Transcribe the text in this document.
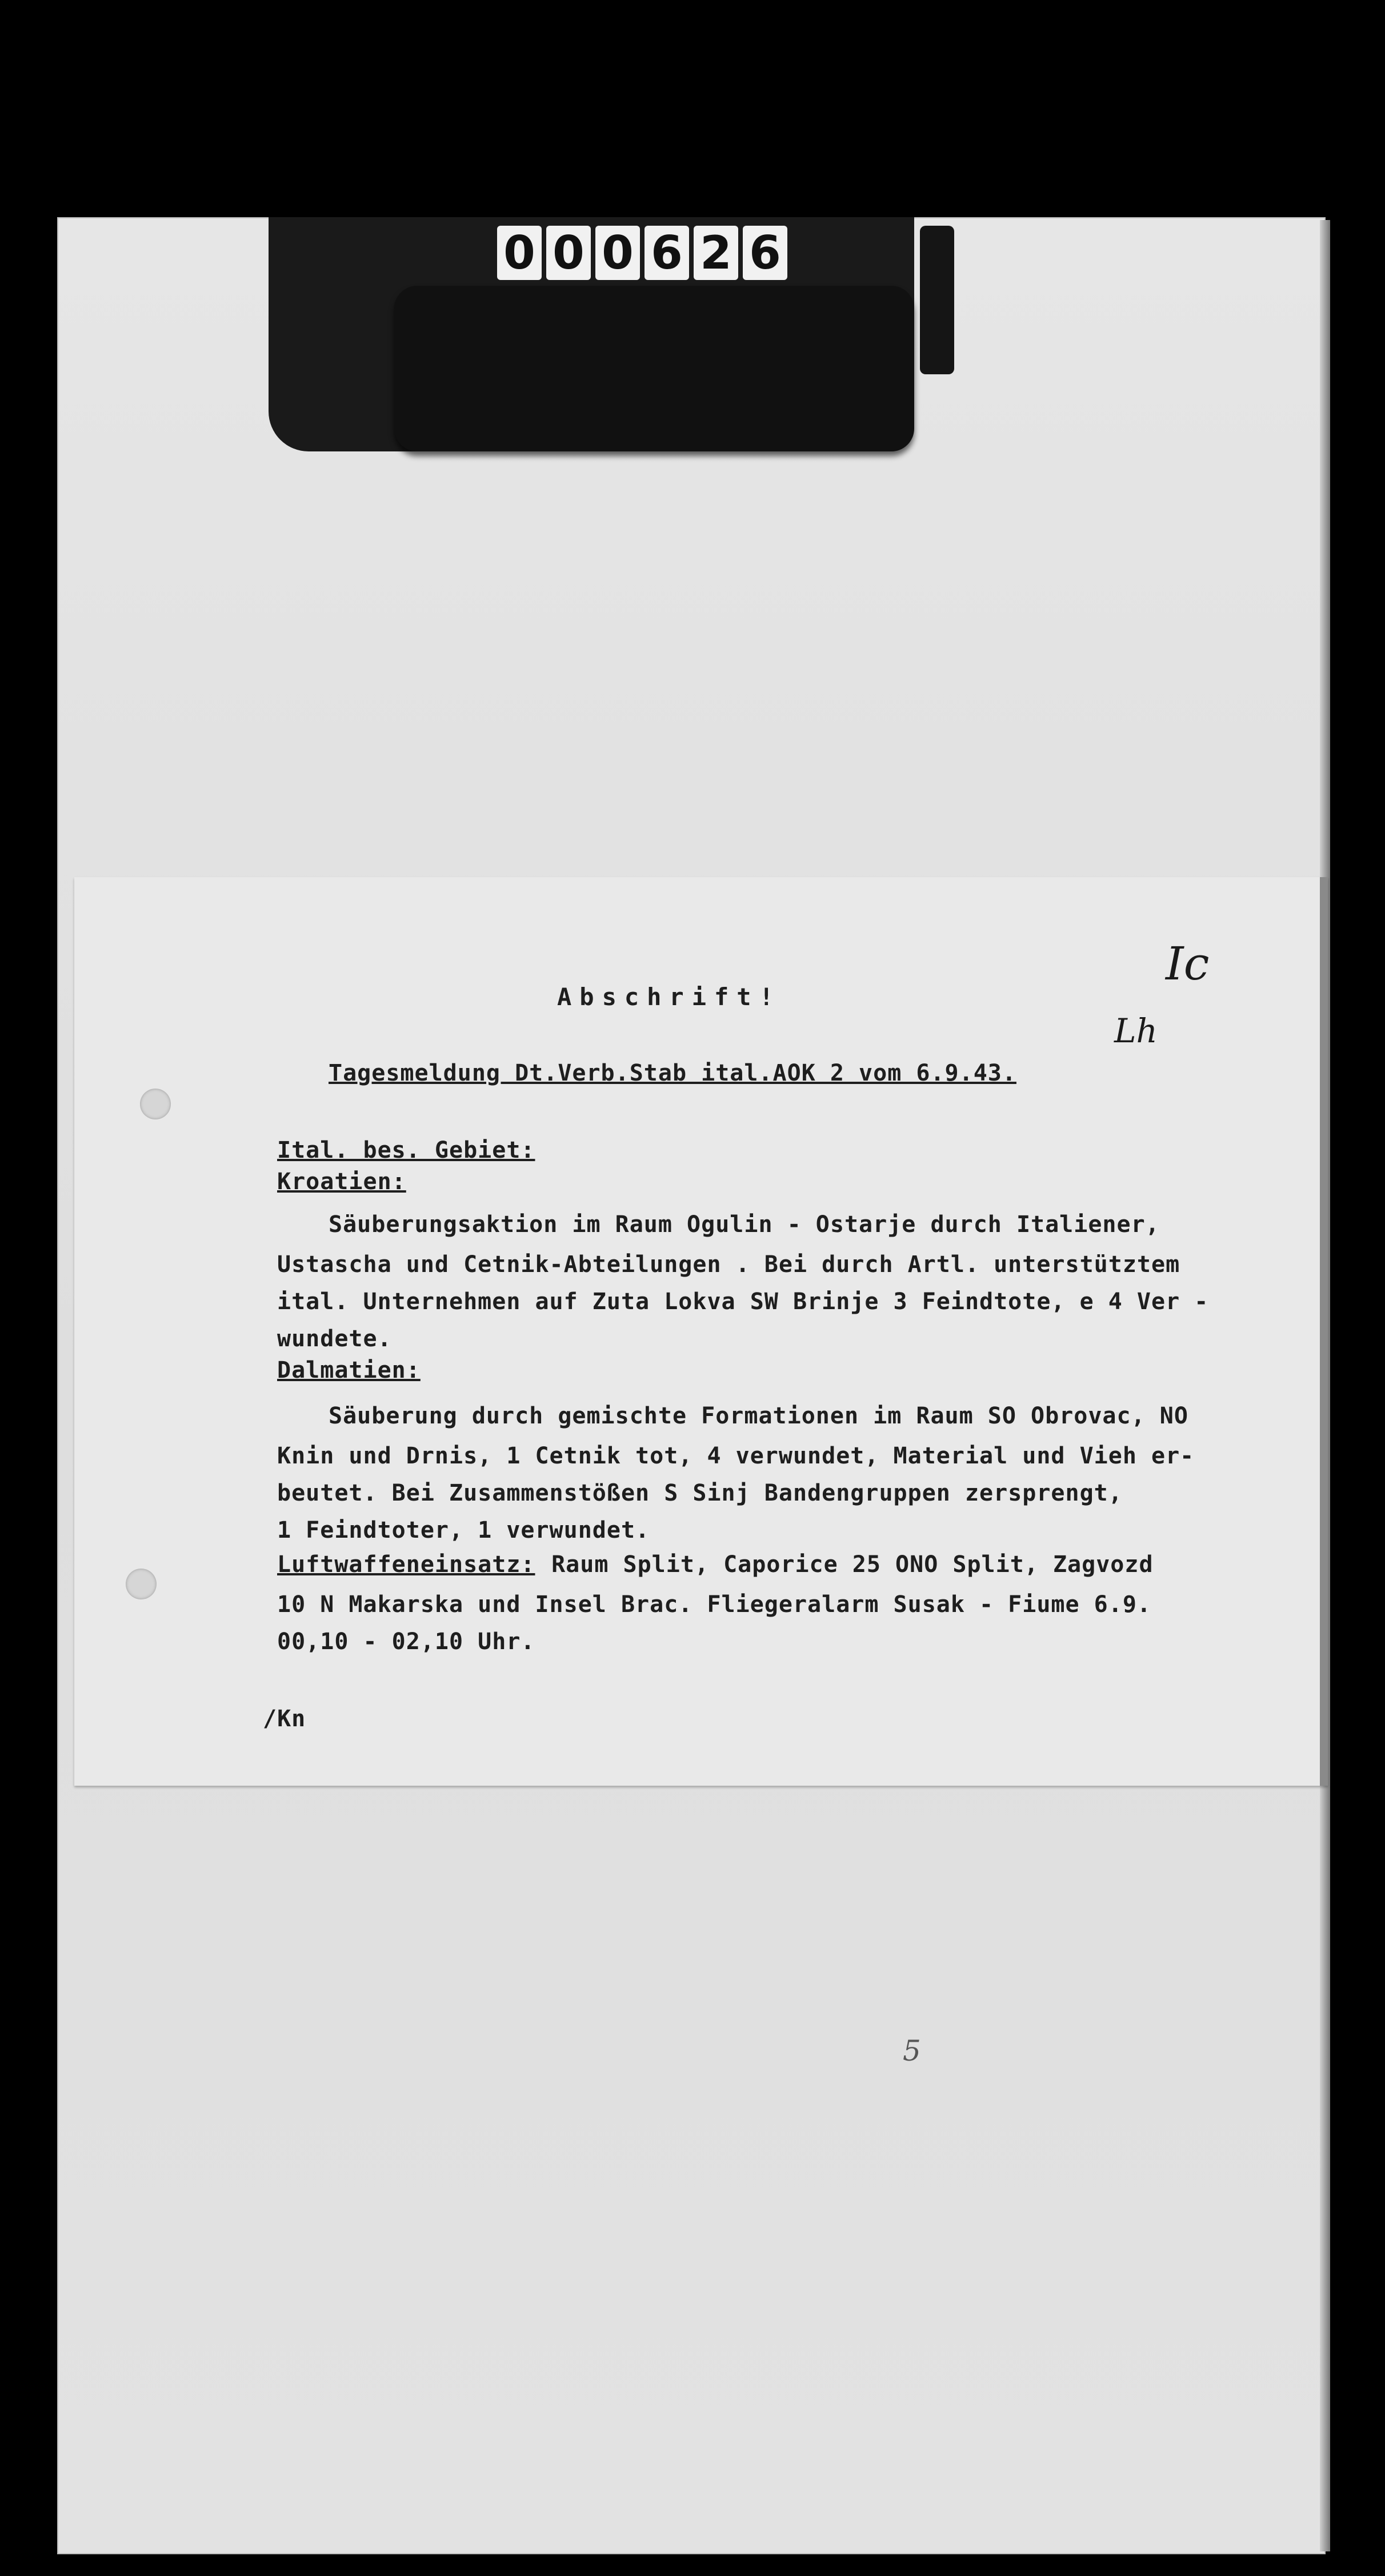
0 0 0 6 2 6
Abschrift!
Ic
Lh
Tagesmeldung Dt.Verb.Stab ital.AOK 2 vom 6.9.43.
Ital. bes. Gebiet:
Kroatien:
Säuberungsaktion im Raum Ogulin - Ostarje durch Italiener,
Ustascha und Cetnik-Abteilungen . Bei durch Artl. unterstütztem
ital. Unternehmen auf Zuta Lokva SW Brinje 3 Feindtote, e 4 Ver -
wundete.
Dalmatien:
Säuberung durch gemischte Formationen im Raum SO Obrovac, NO
Knin und Drnis, 1 Cetnik tot, 4 verwundet, Material und Vieh er-
beutet. Bei Zusammenstößen S Sinj Bandengruppen zersprengt,
1 Feindtoter, 1 verwundet.
Luftwaffeneinsatz: Raum Split, Caporice 25 ONO Split, Zagvozd
10 N Makarska und Insel Brac. Fliegeralarm Susak - Fiume 6.9.
00,10 - 02,10 Uhr.
/Kn
5
